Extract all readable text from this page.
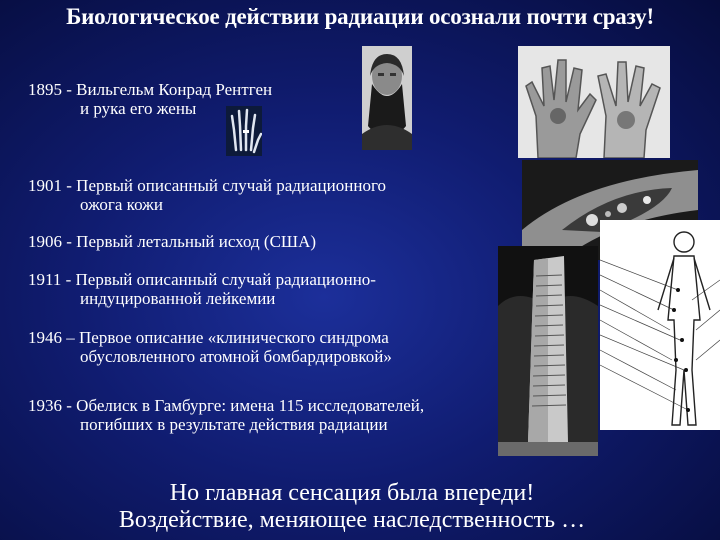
Биологическое действии радиации осознали почти сразу!
1895 - Вильгельм Конрад Рентген
и рука его жены
1901 - Первый описанный случай радиационного
ожога кожи
1906 - Первый летальный исход (США)
1911 - Первый описанный случай радиационно-
индуцированной лейкемии
1946 – Первое описание «клинического синдрома
обусловленного атомной бомбардировкой»
1936 - Обелиск в Гамбурге: имена 115 исследователей,
погибших в результате действия радиации
Но главная сенсация была впереди!
Воздействие, меняющее наследственность …
